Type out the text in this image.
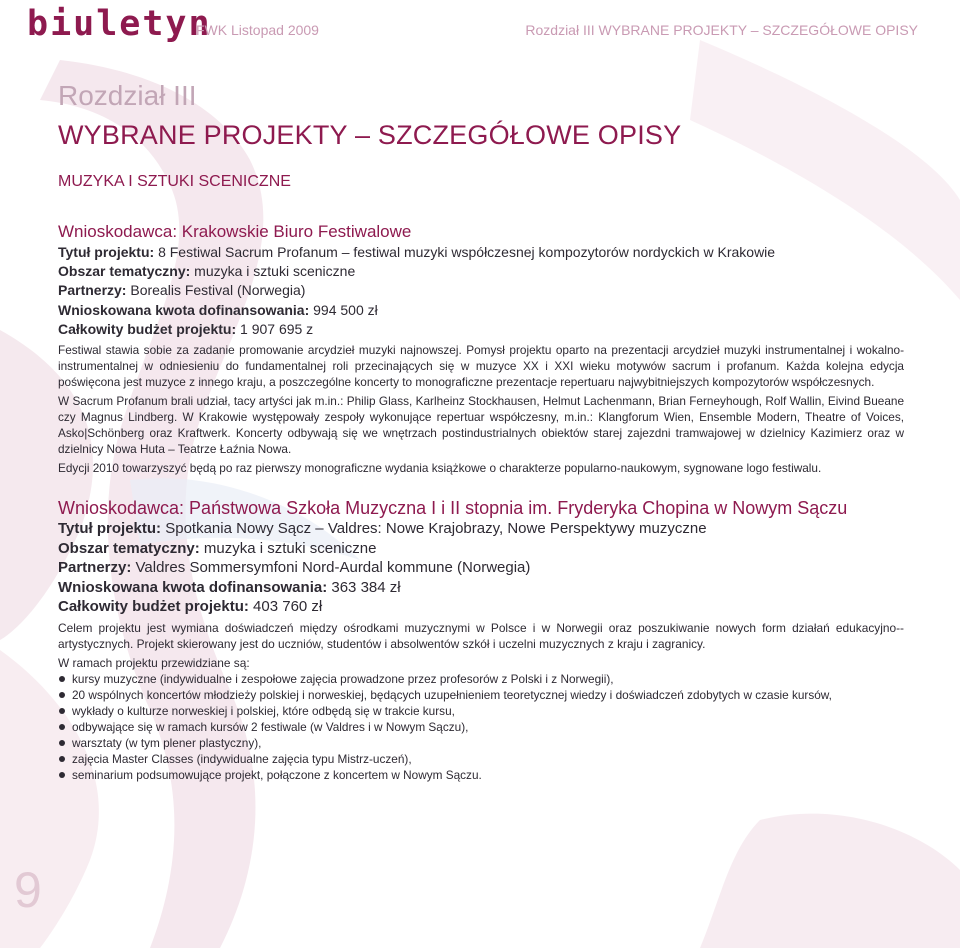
biuletyn
FWK Listopad 2009	Rozdział III WYBRANE PROJEKTY – SZCZEGÓŁOWE OPISY
Rozdział III
WYBRANE PROJEKTY – SZCZEGÓŁOWE OPISY
MUZYKA I SZTUKI SCENICZNE
Wnioskodawca: Krakowskie Biuro Festiwalowe
Tytuł projektu: 8 Festiwal Sacrum Profanum – festiwal muzyki współczesnej kompozytorów nordyckich w Krakowie
Obszar tematyczny: muzyka i sztuki sceniczne
Partnerzy: Borealis Festival (Norwegia)
Wnioskowana kwota dofinansowania: 994 500 zł
Całkowity budżet projektu: 1 907 695 z

Festiwal stawia sobie za zadanie promowanie arcydzieł muzyki najnowszej. Pomysł projektu oparto na prezentacji arcydzieł muzyki instrumentalnej i wokalno-instrumentalnej w odniesieniu do fundamentalnej roli przecinających się w muzyce XX i XXI wieku motywów sacrum i profanum. Każda kolejna edycja poświęcona jest muzyce z innego kraju, a poszczególne koncerty to monograficzne prezentacje repertuaru najwybitniejszych kompozytorów współczesnych.

W Sacrum Profanum brali udział, tacy artyści jak m.in.: Philip Glass, Karlheinz Stockhausen, Helmut Lachenmann, Brian Ferneyhough, Rolf Wallin, Eivind Bueane czy Magnus Lindberg. W Krakowie występowały zespoły wykonujące repertuar współczesny, m.in.: Klangforum Wien, Ensemble Modern, Theatre of Voices, Asko|Schönberg oraz Kraftwerk. Koncerty odbywają się we wnętrzach postindustrialnych obiektów starej zajezdni tramwajowej w dzielnicy Kazimierz oraz w dzielnicy Nowa Huta – Teatrze Łaźnia Nowa.

Edycji 2010 towarzyszyć będą po raz pierwszy monograficzne wydania książkowe o charakterze popularno-naukowym, sygnowane logo festiwalu.

Wnioskodawca: Państwowa Szkoła Muzyczna I i II stopnia im. Fryderyka Chopina w Nowym Sączu
Tytuł projektu: Spotkania Nowy Sącz – Valdres: Nowe Krajobrazy, Nowe Perspektywy muzyczne
Obszar tematyczny: muzyka i sztuki sceniczne
Partnerzy: Valdres Sommersymfoni Nord-Aurdal kommune (Norwegia)
Wnioskowana kwota dofinansowania: 363 384 zł
Całkowity budżet projektu: 403 760 zł

Celem projektu jest wymiana doświadczeń między ośrodkami muzycznymi w Polsce i w Norwegii oraz poszukiwanie nowych form działań edukacyjno--artystycznych. Projekt skierowany jest do uczniów, studentów i absolwentów szkół i uczelni muzycznych z kraju i zagranicy.

W ramach projektu przewidziane są:

kursy muzyczne (indywidualne i zespołowe zajęcia prowadzone przez profesorów z Polski i z Norwegii),
20 wspólnych koncertów młodzieży polskiej i norweskiej, będących uzupełnieniem teoretycznej wiedzy i doświadczeń zdobytych w czasie kursów,
wykłady o kulturze norweskiej i polskiej, które odbędą się w trakcie kursu,
odbywające się w ramach kursów 2 festiwale (w Valdres i w Nowym Sączu),
warsztaty (w tym plener plastyczny),
zajęcia Master Classes (indywidualne zajęcia typu Mistrz-uczeń),
seminarium podsumowujące projekt, połączone z koncertem w Nowym Sączu.
9
